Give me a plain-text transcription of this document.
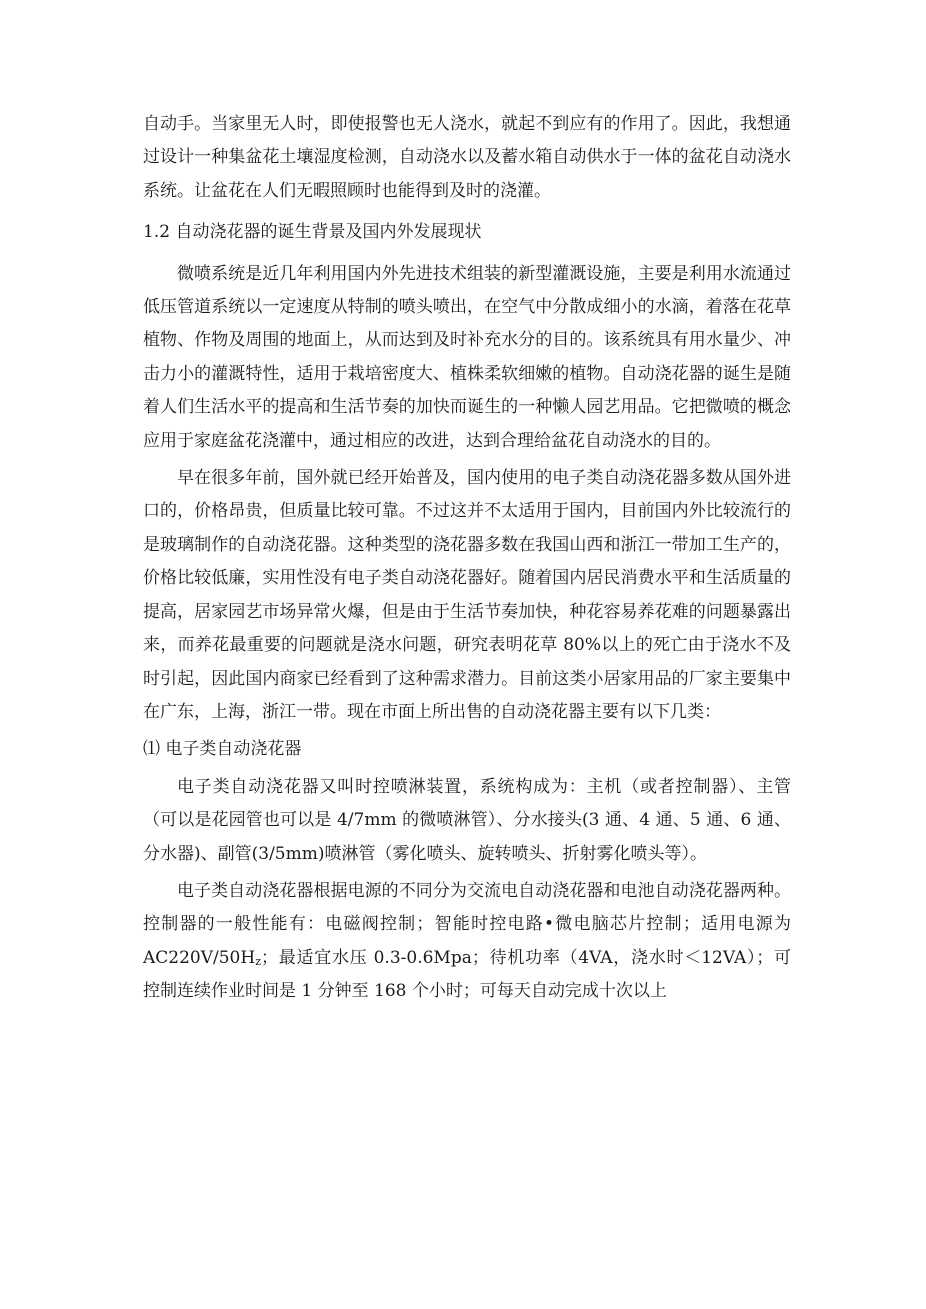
自动手。当家里无人时，即使报警也无人浇水，就起不到应有的作用了。因此，我想通过设计一种集盆花土壤湿度检测，自动浇水以及蓄水箱自动供水于一体的盆花自动浇水系统。让盆花在人们无暇照顾时也能得到及时的浇灌。

1.2 自动浇花器的诞生背景及国内外发展现状

微喷系统是近几年利用国内外先进技术组装的新型灌溉设施，主要是利用水流通过低压管道系统以一定速度从特制的喷头喷出，在空气中分散成细小的水滴，着落在花草植物、作物及周围的地面上，从而达到及时补充水分的目的。该系统具有用水量少、冲击力小的灌溉特性，适用于栽培密度大、植株柔软细嫩的植物。自动浇花器的诞生是随着人们生活水平的提高和生活节奏的加快而诞生的一种懒人园艺用品。它把微喷的概念应用于家庭盆花浇灌中，通过相应的改进，达到合理给盆花自动浇水的目的。

早在很多年前，国外就已经开始普及，国内使用的电子类自动浇花器多数从国外进口的，价格昂贵，但质量比较可靠。不过这并不太适用于国内，目前国内外比较流行的是玻璃制作的自动浇花器。这种类型的浇花器多数在我国山西和浙江一带加工生产的，价格比较低廉，实用性没有电子类自动浇花器好。随着国内居民消费水平和生活质量的提高，居家园艺市场异常火爆，但是由于生活节奏加快，种花容易养花难的问题暴露出来，而养花最重要的问题就是浇水问题，研究表明花草 80%以上的死亡由于浇水不及时引起，因此国内商家已经看到了这种需求潜力。目前这类小居家用品的厂家主要集中在广东，上海，浙江一带。现在市面上所出售的自动浇花器主要有以下几类：

⑴ 电子类自动浇花器

电子类自动浇花器又叫时控喷淋装置，系统构成为：主机（或者控制器）、主管（可以是花园管也可以是 4/7mm 的微喷淋管）、分水接头(3 通、4 通、5 通、6 通、分水器)、副管(3/5mm)喷淋管（雾化喷头、旋转喷头、折射雾化喷头等）。

电子类自动浇花器根据电源的不同分为交流电自动浇花器和电池自动浇花器两种。控制器的一般性能有：电磁阀控制；智能时控电路•微电脑芯片控制；适用电源为 $AC220V/50H_z$；最适宜水压 0.3-0.6Mpa；待机功率（4VA，浇水时＜12VA）；可控制连续作业时间是 1 分钟至 168 个小时；可每天自动完成十次以上
